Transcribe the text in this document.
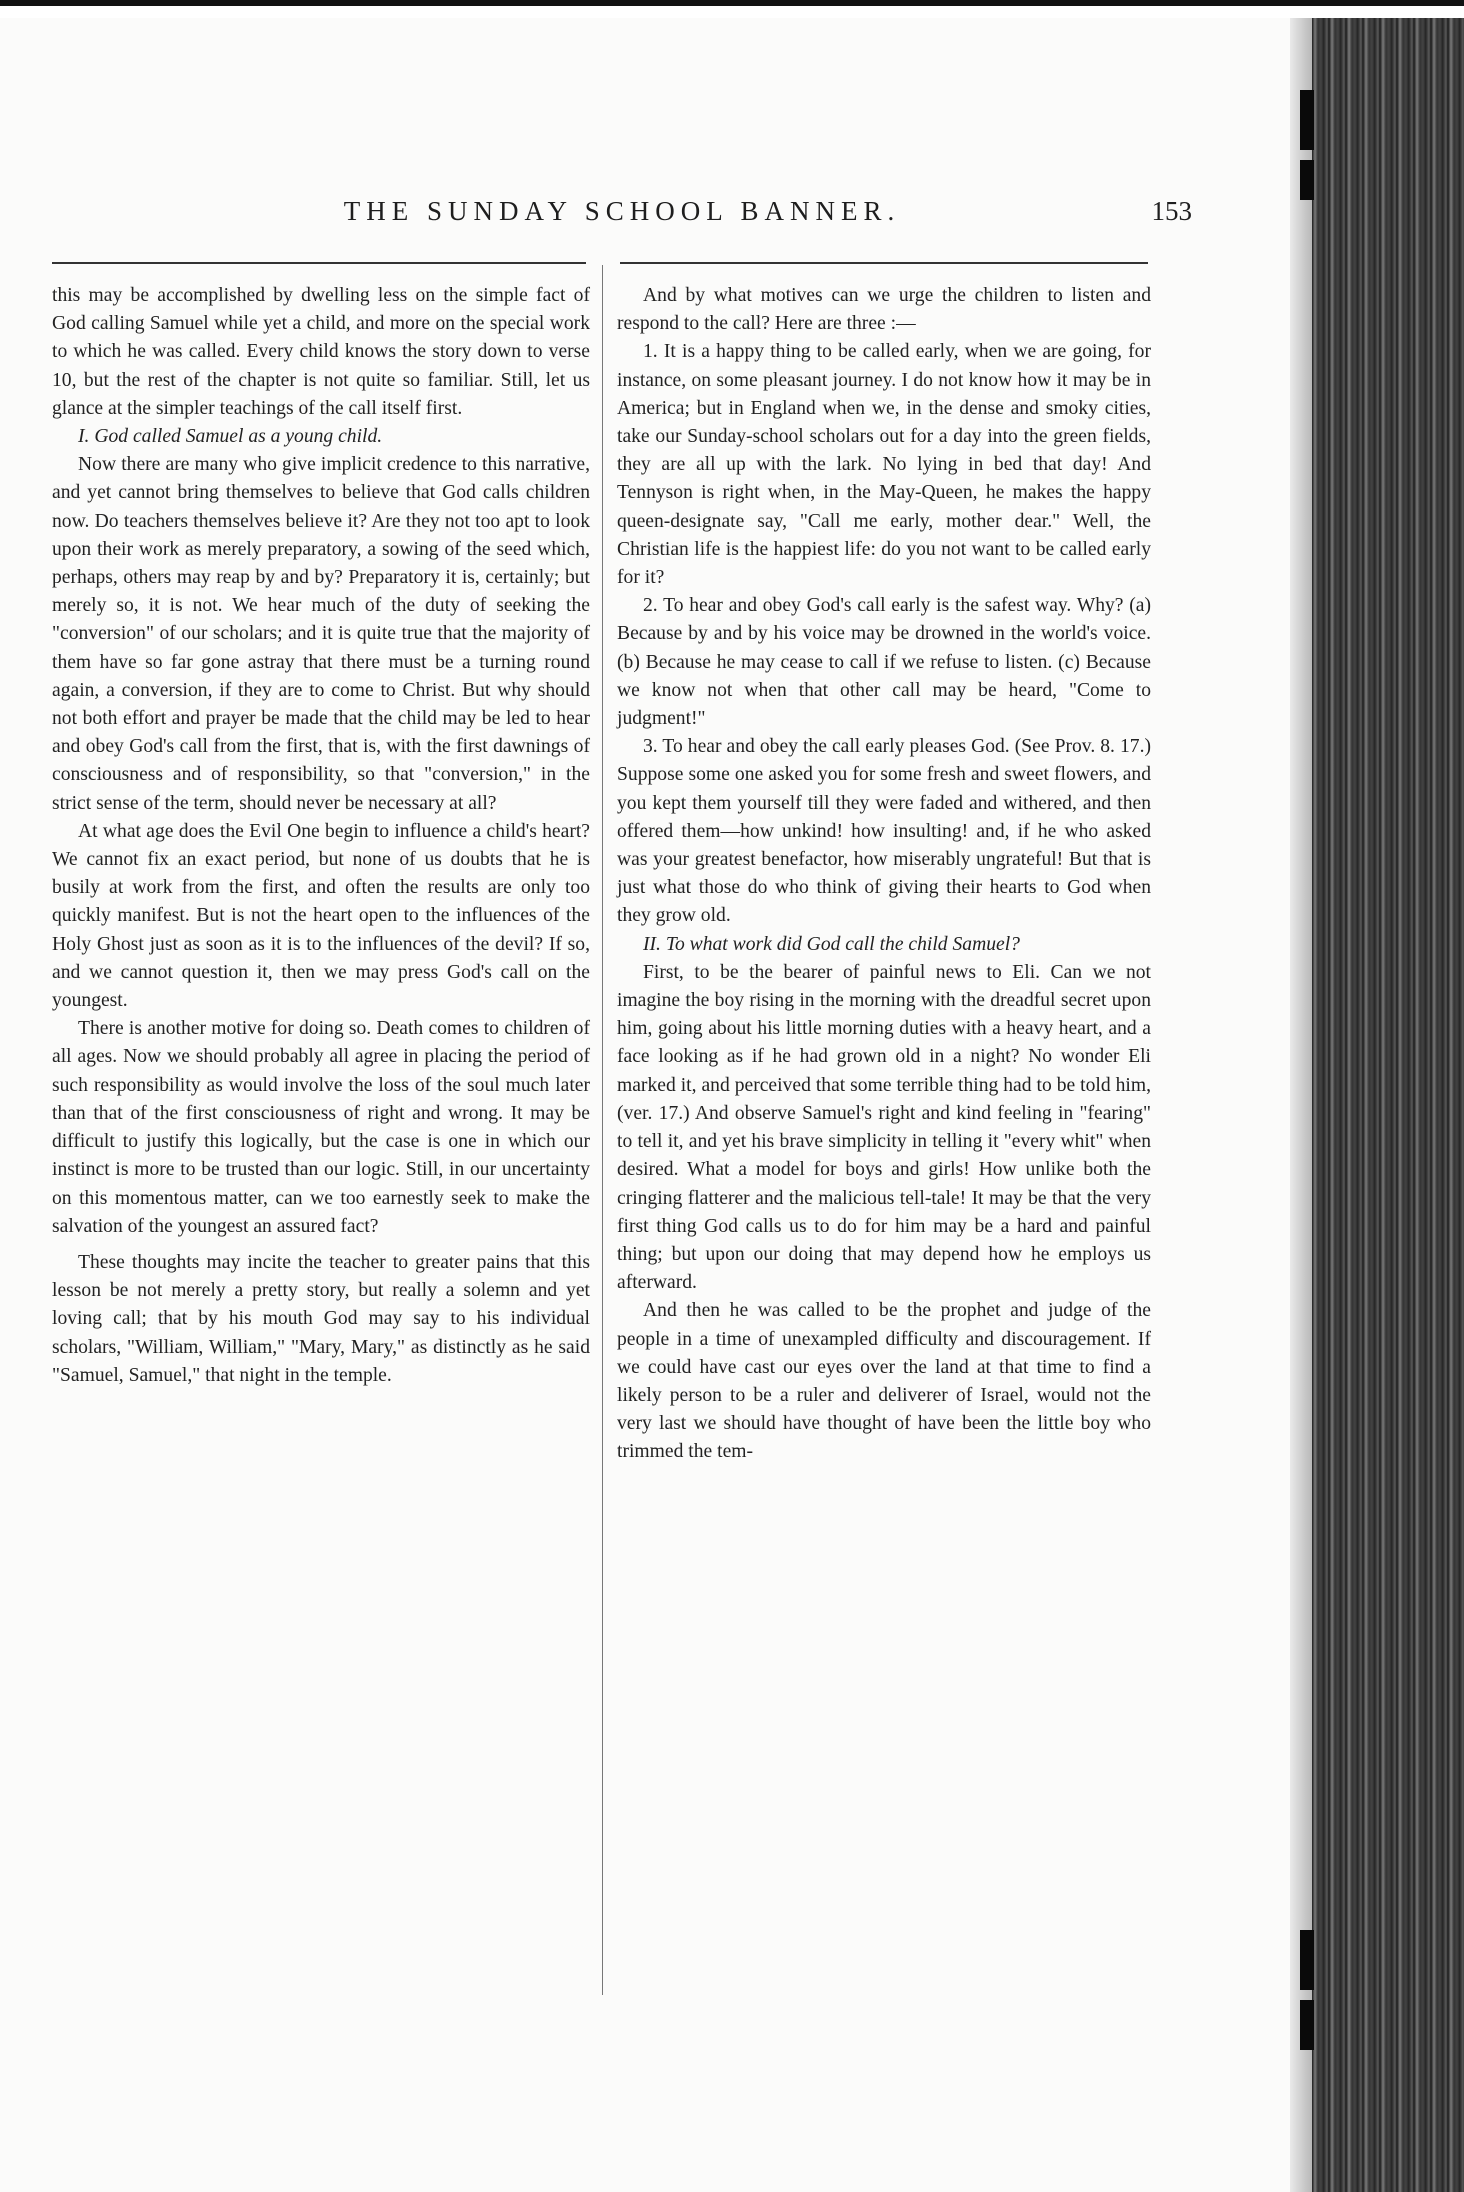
THE SUNDAY SCHOOL BANNER.	153

this may be accomplished by dwelling less on the simple fact of God calling Samuel while yet a child, and more on the special work to which he was called. Every child knows the story down to verse 10, but the rest of the chapter is not quite so familiar. Still, let us glance at the simpler teachings of the call itself first.

I. God called Samuel as a young child.

Now there are many who give implicit credence to this narrative, and yet cannot bring themselves to believe that God calls children now. Do teachers themselves believe it? Are they not too apt to look upon their work as merely preparatory, a sowing of the seed which, perhaps, others may reap by and by? Preparatory it is, certainly; but merely so, it is not. We hear much of the duty of seeking the "conversion" of our scholars; and it is quite true that the majority of them have so far gone astray that there must be a turning round again, a conversion, if they are to come to Christ. But why should not both effort and prayer be made that the child may be led to hear and obey God's call from the first, that is, with the first dawnings of consciousness and of responsibility, so that "conversion," in the strict sense of the term, should never be necessary at all?

At what age does the Evil One begin to influence a child's heart? We cannot fix an exact period, but none of us doubts that he is busily at work from the first, and often the results are only too quickly manifest. But is not the heart open to the influences of the Holy Ghost just as soon as it is to the influences of the devil? If so, and we cannot question it, then we may press God's call on the youngest.

There is another motive for doing so. Death comes to children of all ages. Now we should probably all agree in placing the period of such responsibility as would involve the loss of the soul much later than that of the first consciousness of right and wrong. It may be difficult to justify this logically, but the case is one in which our instinct is more to be trusted than our logic. Still, in our uncertainty on this momentous matter, can we too earnestly seek to make the salvation of the youngest an assured fact?

These thoughts may incite the teacher to greater pains that this lesson be not merely a pretty story, but really a solemn and yet loving call; that by his mouth God may say to his individual scholars, "William, William," "Mary, Mary," as distinctly as he said "Samuel, Samuel," that night in the temple.

And by what motives can we urge the children to listen and respond to the call? Here are three :—

1. It is a happy thing to be called early, when we are going, for instance, on some pleasant journey. I do not know how it may be in America; but in England when we, in the dense and smoky cities, take our Sunday-school scholars out for a day into the green fields, they are all up with the lark. No lying in bed that day! And Tennyson is right when, in the May-Queen, he makes the happy queen-designate say, "Call me early, mother dear." Well, the Christian life is the happiest life: do you not want to be called early for it?

2. To hear and obey God's call early is the safest way. Why? (a) Because by and by his voice may be drowned in the world's voice. (b) Because he may cease to call if we refuse to listen. (c) Because we know not when that other call may be heard, "Come to judgment!"

3. To hear and obey the call early pleases God. (See Prov. 8. 17.) Suppose some one asked you for some fresh and sweet flowers, and you kept them yourself till they were faded and withered, and then offered them—how unkind! how insulting! and, if he who asked was your greatest benefactor, how miserably ungrateful! But that is just what those do who think of giving their hearts to God when they grow old.

II. To what work did God call the child Samuel?

First, to be the bearer of painful news to Eli. Can we not imagine the boy rising in the morning with the dreadful secret upon him, going about his little morning duties with a heavy heart, and a face looking as if he had grown old in a night? No wonder Eli marked it, and perceived that some terrible thing had to be told him, (ver. 17.) And observe Samuel's right and kind feeling in "fearing" to tell it, and yet his brave simplicity in telling it "every whit" when desired. What a model for boys and girls! How unlike both the cringing flatterer and the malicious tell-tale! It may be that the very first thing God calls us to do for him may be a hard and painful thing; but upon our doing that may depend how he employs us afterward.

And then he was called to be the prophet and judge of the people in a time of unexampled difficulty and discouragement. If we could have cast our eyes over the land at that time to find a likely person to be a ruler and deliverer of Israel, would not the very last we should have thought of have been the little boy who trimmed the tem-
